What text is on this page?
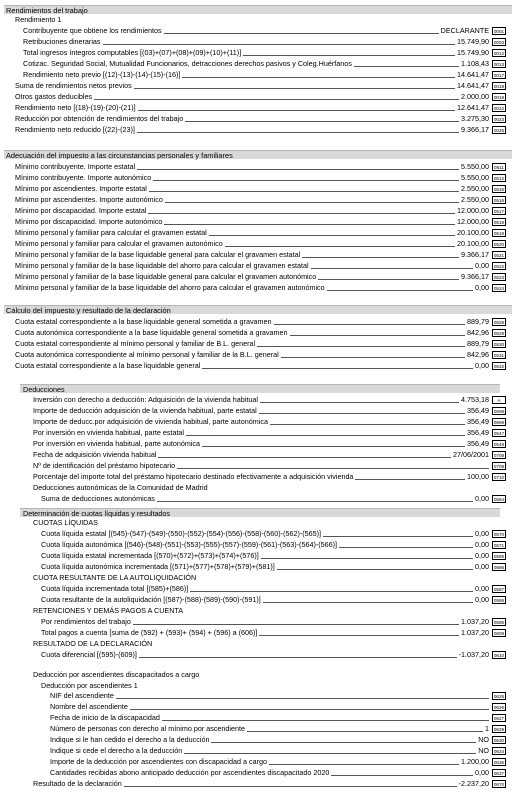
Rendimientos del trabajo
Rendimiento 1
Contribuyente que obtiene los rendimientos	DECLARANTE	0001
Retribuciones dinerarias	15.749,90	0003
Total ingresos íntegros computables [(03)+(07)+(08)+(09)+(10)+(11)]	15.749,90	0012
Cotizac. Seguridad Social, Mutualidad Funcionarios, detracciones derechos pasivos y Coleg.Huérfanos	1.108,43	0013
Rendimiento neto previo [(12)-(13)-(14)-(15)-(16)]	14.641,47	0017
Suma de rendimientos netos previos	14.641,47	0018
Otros gastos deducibles	2.000,00	0019
Rendimiento neto [(18)-(19)-(20)-(21)]	12.641,47	0022
Reducción por obtención de rendimientos del trabajo	3.275,30	0023
Rendimiento neto reducido [(22)-(23)]	9.366,17	0025
Adecuación del impuesto a las circunstancias personales y familiares
Mínimo contribuyente. Importe estatal	5.550,00	0511
Mínimo contribuyente. Importe autonómico	5.550,00	0512
Mínimo por ascendientes. Importe estatal	2.550,00	0515
Mínimo por ascendientes. Importe autonómico	2.550,00	0516
Mínimo por discapacidad. Importe estatal	12.000,00	0517
Mínimo por discapacidad. Importe autonómico	12.000,00	0518
Mínimo personal y familiar para calcular el gravamen estatal	20.100,00	0519
Mínimo personal y familiar para calcular el gravamen autonómico	20.100,00	0520
Mínimo personal y familiar de la base liquidable general para calcular el gravamen estatal	9.366,17	0521
Mínimo personal y familiar de la base liquidable del ahorro para calcular el gravamen estatal	0,00	0522
Mínimo personal y familiar de la base liquidable general para calcular el gravamen autonómico	9.366,17	0523
Mínimo personal y familiar de la base liquidable del ahorro para calcular el gravamen autonómico	0,00	0524
Cálculo del impuesto y resultado de la declaración
Cuota estatal correspondiente a la base liquidable general sometida a gravamen	889,79	0528
Cuota autonómica correspondiente a la base liquidable general sometida a gravamen	842,96	0529
Cuota estatal correspondiente al mínimo personal y familiar de B.L. general	889,79	0530
Cuota autonómica correspondiente al mínimo personal y familiar de la B.L. general	842,96	0531
Cuota estatal correspondiente a la base liquidable general	0,00	0532
Deducciones
Inversión con derecho a deducción: Adquisición de la vivienda habitual	4.753,18	A
Importe de deducción adquisición de la vivienda habitual, parte estatal	356,49	0698
Importe de deducc.por adquisición de vivienda habitual, parte autonómica	356,49	0699
Por inversión en vivienda habitual, parte estatal	356,49	0547
Por inversión en vivienda habitual, parte autonómica	356,49	0548
Fecha de adquisición vivienda habitual	27/06/2001	0708
Nº de identificación del préstamo hipotecario	0709
Porcentaje del importe total del préstamo hipotecario destinado efectivamente a adquisición vivienda	100,00	0710
Deducciones autonómicas de la Comunidad de Madrid
Suma de deducciones autonómicas	0,00	0564
Determinación de cuotas líquidas y resultados
CUOTAS LÍQUIDAS
Cuota líquida estatal [(545)-(547)-(549)-(550)-(552)-(554)-(556)-(558)-(560)-(562)-(565)]	0,00	0570
Cuota líquida autonómica [(546)-(548)-(551)-(553)-(555)-(557)-(559)-(561)-(563)-(564)-(566)]	0,00	0571
Cuota líquida estatal incrementada [(570)+(572)+(573)+(574)+(576)]	0,00	0585
Cuota líquida autonómica incrementada [(571)+(577)+(578)+(579)+(581)]	0,00	0586
CUOTA RESULTANTE DE LA AUTOLIQUIDACIÓN
Cuota líquida incrementada total [(585)+(586)]	0,00	0587
Cuota resultante de la autoliquidación [(587)-(588)-(589)-(590)-(591)]	0,00	0595
RETENCIONES Y DEMÁS PAGOS A CUENTA
Por rendimientos del trabajo	1.037,20	0596
Total pagos a cuenta [suma de (592) + (593)+ (594) + (596) a (606)]	1.037,20	0609
RESULTADO DE LA DECLARACIÓN
Cuota diferencial [(595)-(609)]	-1.037,20	0610
Deducción por ascendientes discapacitados a cargo
Deducción por ascendientes 1
NIF del ascendiente	0625
Nombre del ascendiente	0626
Fecha de inicio de la discapacidad	0627
Número de personas con derecho al mínimo por ascendiente	1	0629
Indique si le han cedido el derecho a la deducción	NO	0630
Indique si cede el derecho a la deducción	NO	0634
Importe de la deducción por ascendientes con discapacidad a cargo	1.200,00	0636
Cantidades recibidas abono anticipado deducción por ascendientes discapacitado 2020	0,00	0637
Resultado de la declaración	-2.237,20	0670
